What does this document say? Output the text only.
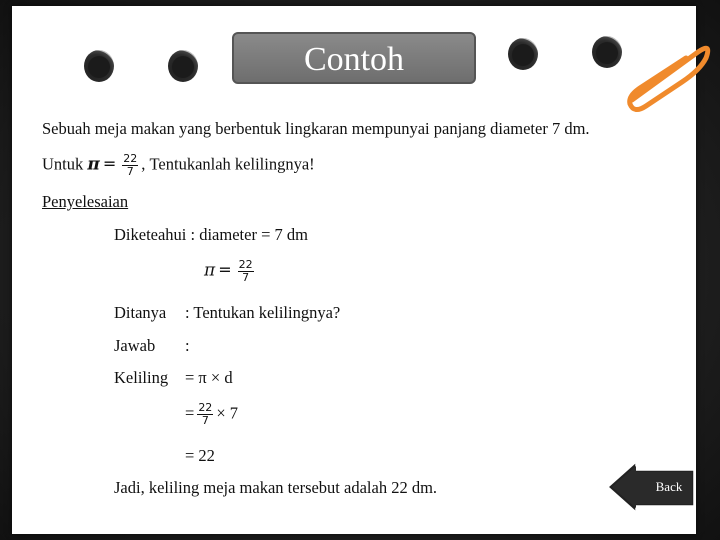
Contoh
Sebuah meja makan yang berbentuk lingkaran mempunyai panjang diameter 7 dm.
Untuk $\pi = \frac{22}{7}$ , Tentukanlah kelilingnya!
Penyelesaian
Diketeahui : diameter = 7 dm
$\pi = \frac{22}{7}$
Ditanya : Tentukan kelilingnya?
Jawab :
Keliling = π × d
= $\frac{22}{7} \times 7$
= 22
Jadi, keliling meja makan tersebut adalah 22 dm.	Back
